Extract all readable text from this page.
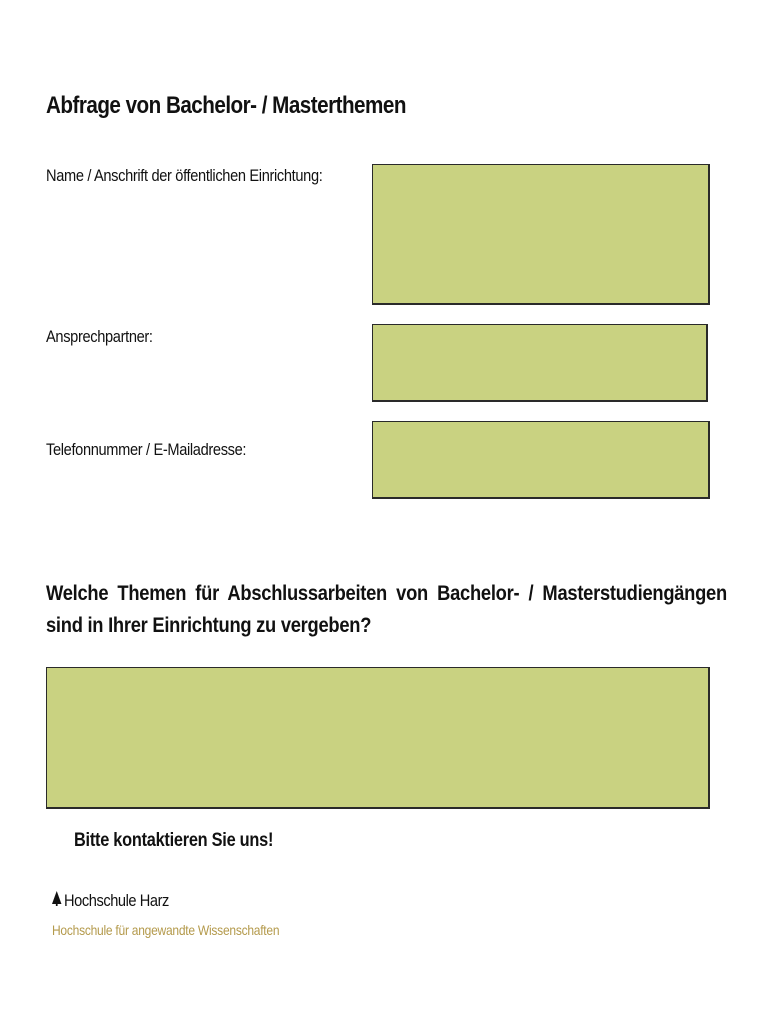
Abfrage von Bachelor- / Masterthemen
Name / Anschrift der öffentlichen Einrichtung:
Ansprechpartner:
Telefonnummer / E-Mailadresse:
Welche Themen für Abschlussarbeiten von Bachelor- / Masterstudiengängen sind in Ihrer Einrichtung zu vergeben?
Bitte kontaktieren Sie uns!
Hochschule Harz
Hochschule für angewandte Wissenschaften
